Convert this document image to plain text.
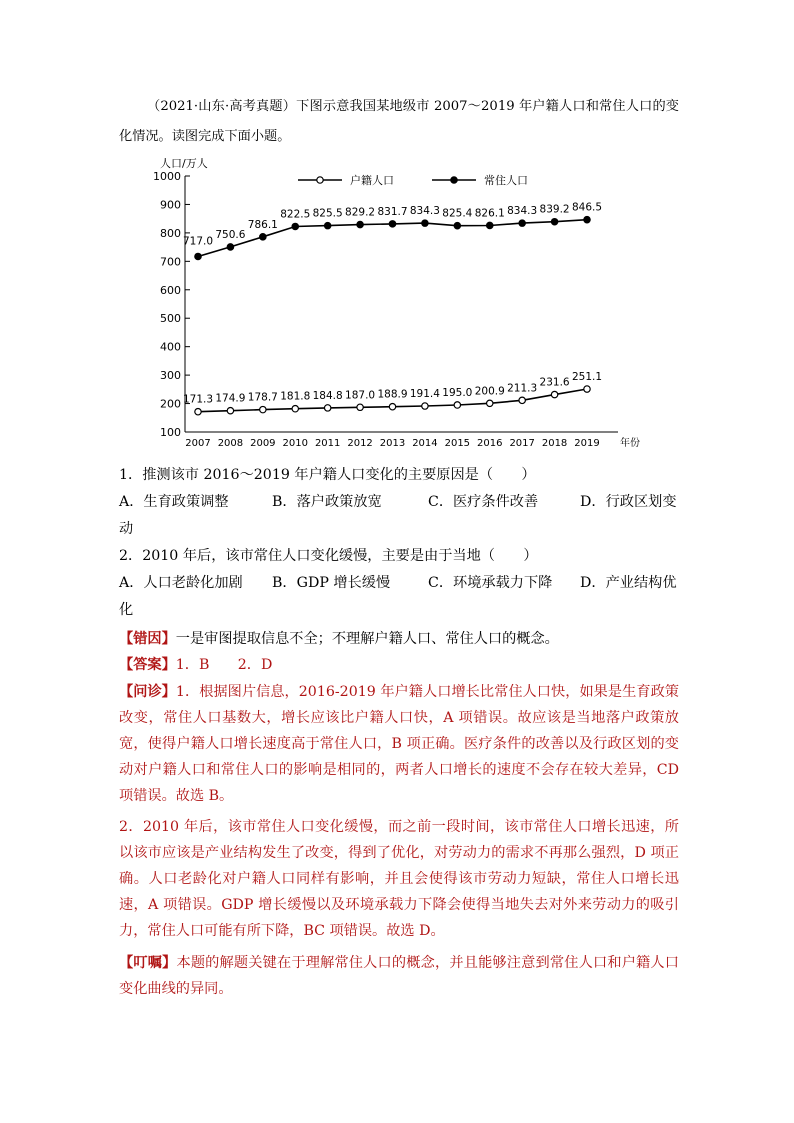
（2021·山东·高考真题）下图示意我国某地级市 2007～2019 年户籍人口和常住人口的变化情况。读图完成下面小题。
100
200
300
400
500
600
700
800
900
1000
人口/万人
2007 2008 2009 2010 2011 2012 2013 2014 2015 2016 2017 2018 2019 年份
171.3 174.9 178.7 181.8 184.8 187.0 188.9 191.4 195.0 200.9 211.3 231.6 251.1
717.0
750.6
786.1
822.5 825.5 829.2 831.7 834.3 825.4 826.1 834.3 839.2 846.5
户籍人口	常住人口
1．推测该市 2016～2019 年户籍人口变化的主要原因是（　　）
A．生育政策调整	B．落户政策放宽	C．医疗条件改善	D．行政区划变
动
2．2010 年后，该市常住人口变化缓慢，主要是由于当地（　　）
A．人口老龄化加剧 B．GDP 增长缓慢	C．环境承载力下降 D．产业结构优
化
【错因】一是审图提取信息不全；不理解户籍人口、常住人口的概念。
【答案】1．B　　2．D
【问诊】1．根据图片信息，2016-2019 年户籍人口增长比常住人口快，如果是生育政策改变，常住人口基数大，增长应该比户籍人口快，A 项错误。故应该是当地落户政策放宽，使得户籍人口增长速度高于常住人口，B 项正确。医疗条件的改善以及行政区划的变动对户籍人口和常住人口的影响是相同的，两者人口增长的速度不会存在较大差异，CD 项错误。故选 B。
2．2010 年后，该市常住人口变化缓慢，而之前一段时间，该市常住人口增长迅速，所以该市应该是产业结构发生了改变，得到了优化，对劳动力的需求不再那么强烈，D 项正确。人口老龄化对户籍人口同样有影响，并且会使得该市劳动力短缺，常住人口增长迅速，A 项错误。GDP 增长缓慢以及环境承载力下降会使得当地失去对外来劳动力的吸引力，常住人口可能有所下降，BC 项错误。故选 D。
【叮嘱】本题的解题关键在于理解常住人口的概念，并且能够注意到常住人口和户籍人口变化曲线的异同。
